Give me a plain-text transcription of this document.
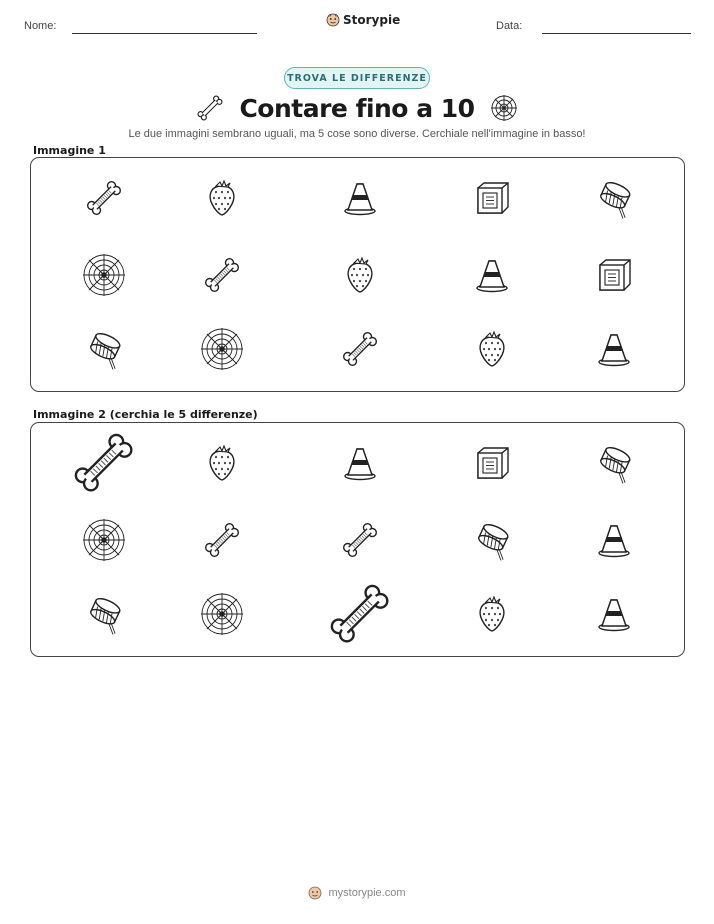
Nome:	Storypie	Data:
TROVA LE DIFFERENZE
Contare fino a 10
Le due immagini sembrano uguali, ma 5 cose sono diverse. Cerchiale nell'immagine in basso!
Immagine 1
Immagine 2 (cerchia le 5 differenze)
mystorypie.com
